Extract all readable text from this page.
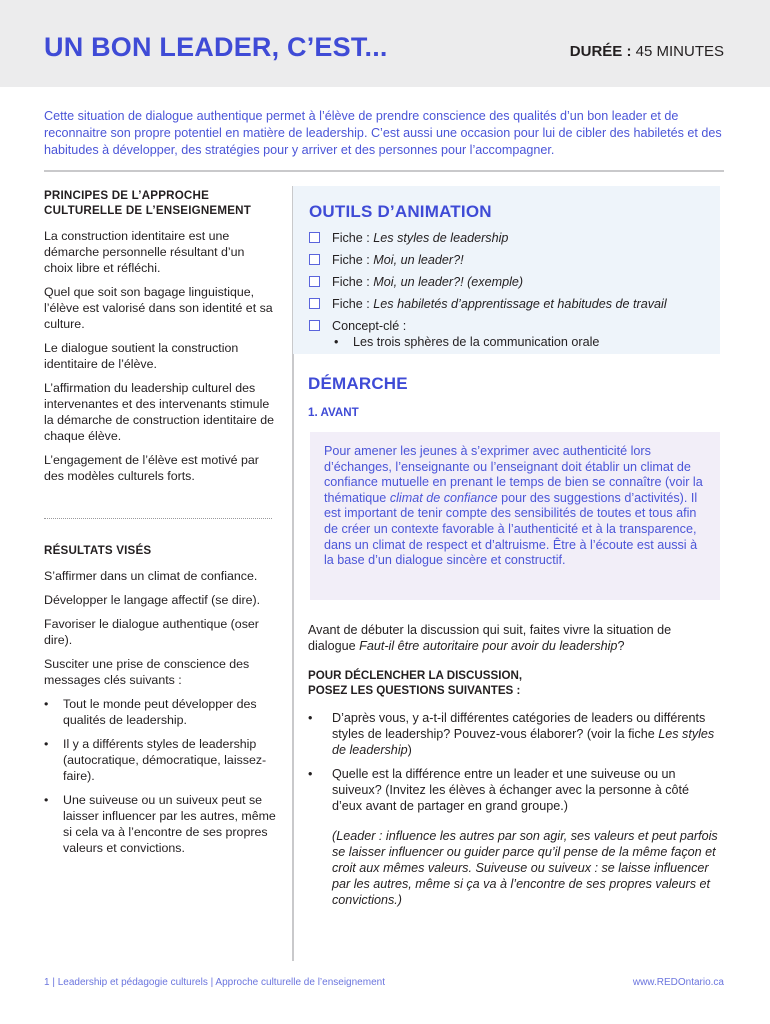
UN BON LEADER, C’EST...	DURÉE : 45 MINUTES

Cette situation de dialogue authentique permet à l’élève de prendre conscience des qualités d’un bon leader et de reconnaitre son propre potentiel en matière de leadership. C’est aussi une occasion pour lui de cibler des habiletés et des habitudes à développer, des stratégies pour y arriver et des personnes pour l’accompagner.

PRINCIPES DE L’APPROCHE CULTURELLE DE L’ENSEIGNEMENT

La construction identitaire est une démarche personnelle résultant d’un choix libre et réfléchi.

Quel que soit son bagage linguistique, l’élève est valorisé dans son identité et sa culture.

Le dialogue soutient la construction identitaire de l’élève.

L’affirmation du leadership culturel des intervenantes et des intervenants stimule la démarche de construction identitaire de chaque élève.

L’engagement de l’élève est motivé par des modèles culturels forts.

RÉSULTATS VISÉS

S’affirmer dans un climat de confiance.

Développer le langage affectif (se dire).

Favoriser le dialogue authentique (oser dire).

Susciter une prise de conscience des messages clés suivants :

• Tout le monde peut développer des qualités de leadership.
• Il y a différents styles de leadership (autocratique, démocratique, laissez-faire).
• Une suiveuse ou un suiveux peut se laisser influencer par les autres, même si cela va à l’encontre de ses propres valeurs et convictions.
OUTILS D’ANIMATION
Fiche : Les styles de leadership
Fiche : Moi, un leader?!
Fiche : Moi, un leader?! (exemple)
Fiche : Les habiletés d’apprentissage et habitudes de travail
Concept-clé :
• Les trois sphères de la communication orale
DÉMARCHE
1. AVANT
Pour amener les jeunes à s’exprimer avec authenticité lors d’échanges, l’enseignante ou l’enseignant doit établir un climat de confiance mutuelle en prenant le temps de bien se connaître (voir la thématique climat de confiance pour des suggestions d’activités). Il est important de tenir compte des sensibilités de toutes et tous afin de créer un contexte favorable à l’authenticité et à la transparence, dans un climat de respect et d’altruisme. Être à l’écoute est aussi à la base d’un dialogue sincère et constructif.

Avant de débuter la discussion qui suit, faites vivre la situation de dialogue Faut-il être autoritaire pour avoir du leadership?

POUR DÉCLENCHER LA DISCUSSION,
POSEZ LES QUESTIONS SUIVANTES :
• D’après vous, y a-t-il différentes catégories de leaders ou différents styles de leadership? Pouvez-vous élaborer? (voir la fiche Les styles de leadership)
• Quelle est la différence entre un leader et une suiveuse ou un suiveux? (Invitez les élèves à échanger avec la personne à côté d’eux avant de partager en grand groupe.)

(Leader : influence les autres par son agir, ses valeurs et peut parfois se laisser influencer ou guider parce qu’il pense de la même façon et croit aux mêmes valeurs. Suiveuse ou suiveux : se laisse influencer par les autres, même si ça va à l’encontre de ses propres valeurs et convictions.)

1 | Leadership et pédagogie culturels | Approche culturelle de l’enseignement	www.REDOntario.ca
